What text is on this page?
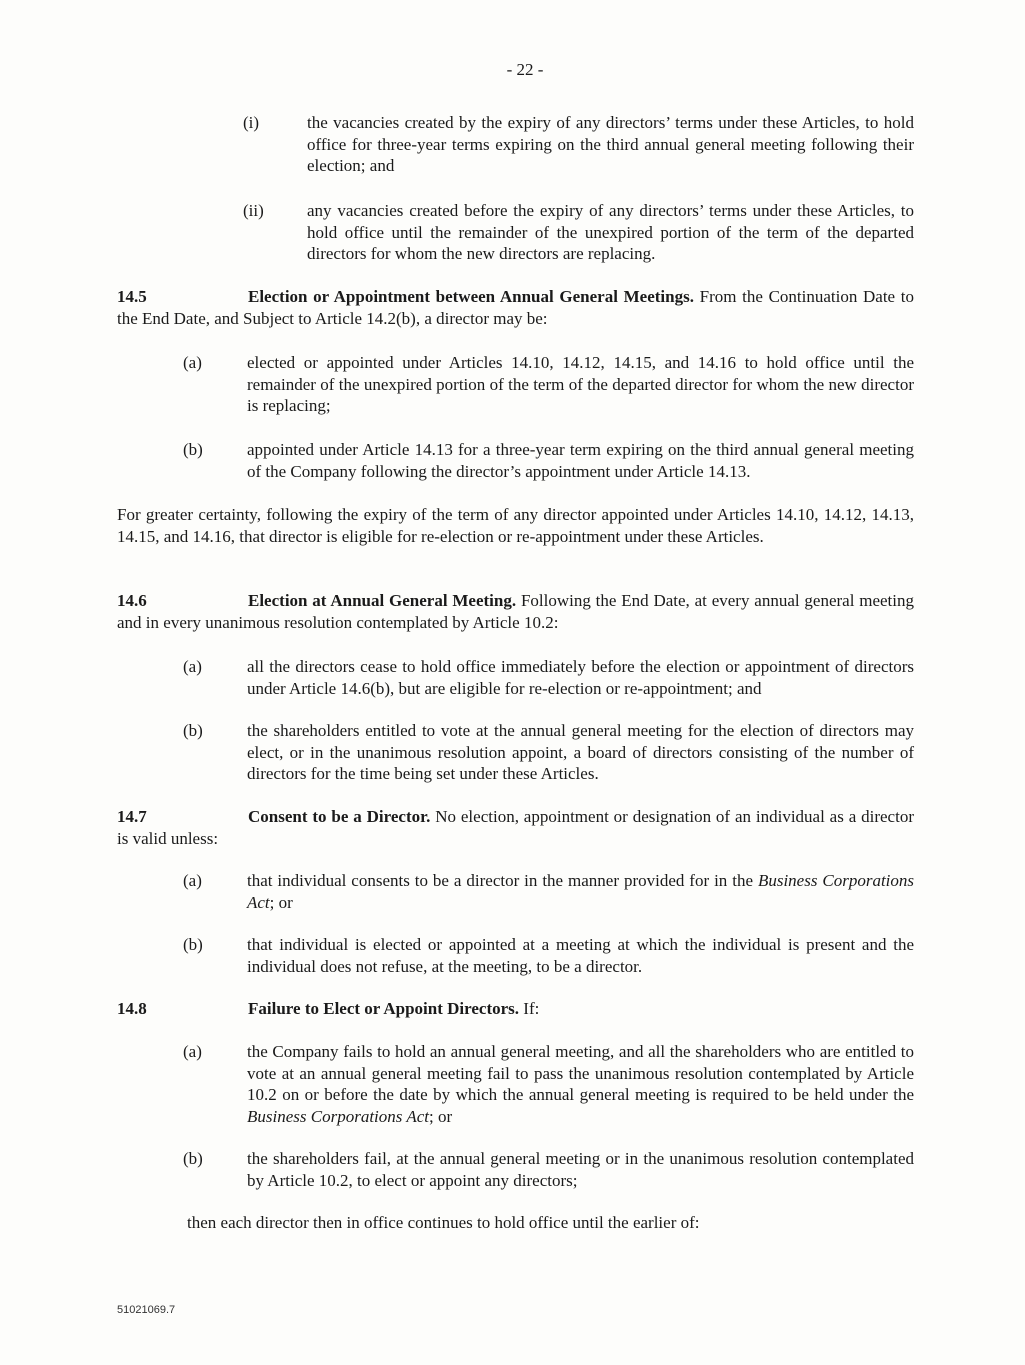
- 22 -
(i)	the vacancies created by the expiry of any directors’ terms under these Articles, to hold office for three-year terms expiring on the third annual general meeting following their election; and
(ii)	any vacancies created before the expiry of any directors’ terms under these Articles, to hold office until the remainder of the unexpired portion of the term of the departed directors for whom the new directors are replacing.
14.5	Election or Appointment between Annual General Meetings. From the Continuation Date to the End Date, and Subject to Article 14.2(b), a director may be:
(a)	elected or appointed under Articles 14.10, 14.12, 14.15, and 14.16 to hold office until the remainder of the unexpired portion of the term of the departed director for whom the new director is replacing;
(b)	appointed under Article 14.13 for a three-year term expiring on the third annual general meeting of the Company following the director’s appointment under Article 14.13.
For greater certainty, following the expiry of the term of any director appointed under Articles 14.10, 14.12, 14.13, 14.15, and 14.16, that director is eligible for re-election or re-appointment under these Articles.
14.6	Election at Annual General Meeting. Following the End Date, at every annual general meeting and in every unanimous resolution contemplated by Article 10.2:
(a)	all the directors cease to hold office immediately before the election or appointment of directors under Article 14.6(b), but are eligible for re-election or re-appointment; and
(b)	the shareholders entitled to vote at the annual general meeting for the election of directors may elect, or in the unanimous resolution appoint, a board of directors consisting of the number of directors for the time being set under these Articles.
14.7	Consent to be a Director. No election, appointment or designation of an individual as a director is valid unless:
(a)	that individual consents to be a director in the manner provided for in the Business Corporations Act; or
(b)	that individual is elected or appointed at a meeting at which the individual is present and the individual does not refuse, at the meeting, to be a director.
14.8	Failure to Elect or Appoint Directors. If:
(a)	the Company fails to hold an annual general meeting, and all the shareholders who are entitled to vote at an annual general meeting fail to pass the unanimous resolution contemplated by Article 10.2 on or before the date by which the annual general meeting is required to be held under the Business Corporations Act; or
(b)	the shareholders fail, at the annual general meeting or in the unanimous resolution contemplated by Article 10.2, to elect or appoint any directors;
then each director then in office continues to hold office until the earlier of:
51021069.7
